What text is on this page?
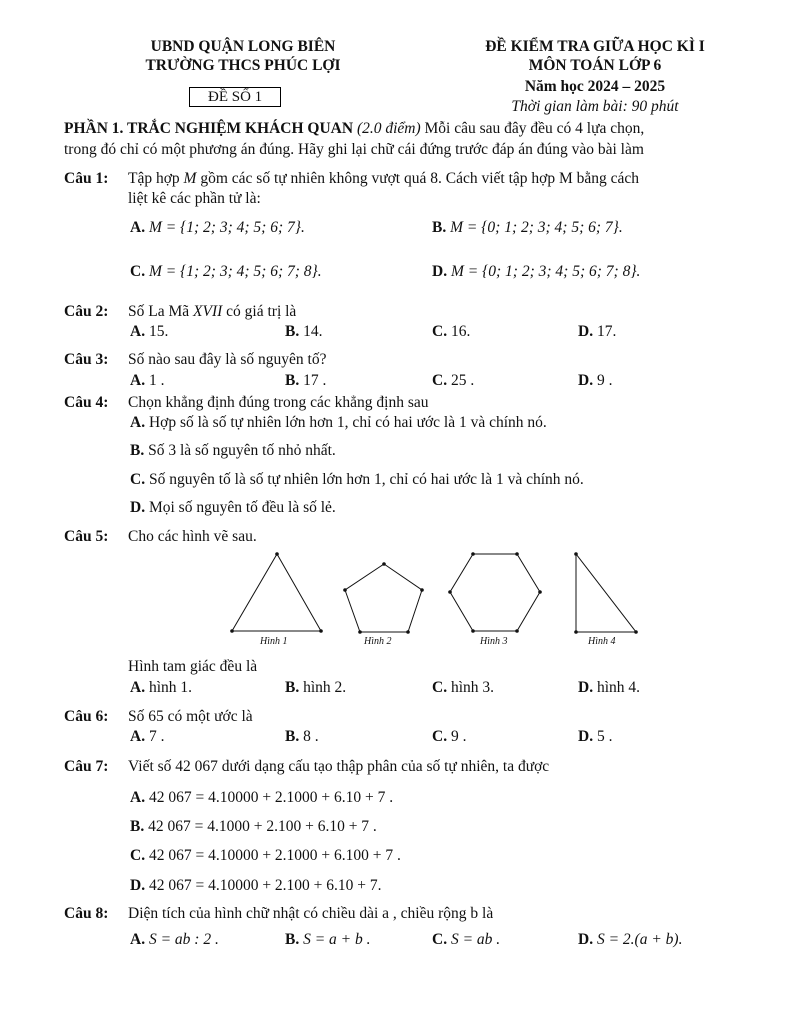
UBND QUẬN LONG BIÊN
TRƯỜNG THCS PHÚC LỢI
ĐỀ SỐ 1
ĐỀ KIỂM TRA GIỮA HỌC KÌ I
MÔN TOÁN LỚP 6
Năm học 2024 – 2025
Thời gian làm bài: 90 phút
PHẦN 1. TRẮC NGHIỆM KHÁCH QUAN (2.0 điểm) Mỗi câu sau đây đều có 4 lựa chọn,
trong đó chỉ có một phương án đúng. Hãy ghi lại chữ cái đứng trước đáp án đúng vào bài làm
Câu 1: Tập hợp M gồm các số tự nhiên không vượt quá 8. Cách viết tập hợp M bằng cách
liệt kê các phần tử là:
A. M = {1; 2; 3; 4; 5; 6; 7}.	B. M = {0; 1; 2; 3; 4; 5; 6; 7}.
C. M = {1; 2; 3; 4; 5; 6; 7; 8}.	D. M = {0; 1; 2; 3; 4; 5; 6; 7; 8}.
Câu 2: Số La Mã XVII có giá trị là
A. 15.	B. 14.	C. 16.	D. 17.
Câu 3: Số nào sau đây là số nguyên tố?
A. 1 .	B. 17 .	C. 25 .	D. 9 .
Câu 4: Chọn khẳng định đúng trong các khẳng định sau
A. Hợp số là số tự nhiên lớn hơn 1, chỉ có hai ước là 1 và chính nó.
B. Số 3 là số nguyên tố nhỏ nhất.
C. Số nguyên tố là số tự nhiên lớn hơn 1, chỉ có hai ước là 1 và chính nó.
D. Mọi số nguyên tố đều là số lẻ.
Câu 5: Cho các hình vẽ sau.
Hình 1	Hình 2	Hình 3	Hình 4
Hình tam giác đều là
A. hình 1.	B. hình 2.	C. hình 3.	D. hình 4.
Câu 6: Số 65 có một ước là
A. 7 .	B. 8 .	C. 9 .	D. 5 .
Câu 7: Viết số 42 067 dưới dạng cấu tạo thập phân của số tự nhiên, ta được
A. 42 067 = 4.10000 + 2.1000 + 6.10 + 7 .
B. 42 067 = 4.1000 + 2.100 + 6.10 + 7 .
C. 42 067 = 4.10000 + 2.1000 + 6.100 + 7 .
D. 42 067 = 4.10000 + 2.100 + 6.10 + 7.
Câu 8: Diện tích của hình chữ nhật có chiều dài a , chiều rộng b là
A. S = ab : 2 .	B. S = a + b .	C. S = ab .	D. S = 2.(a + b).
